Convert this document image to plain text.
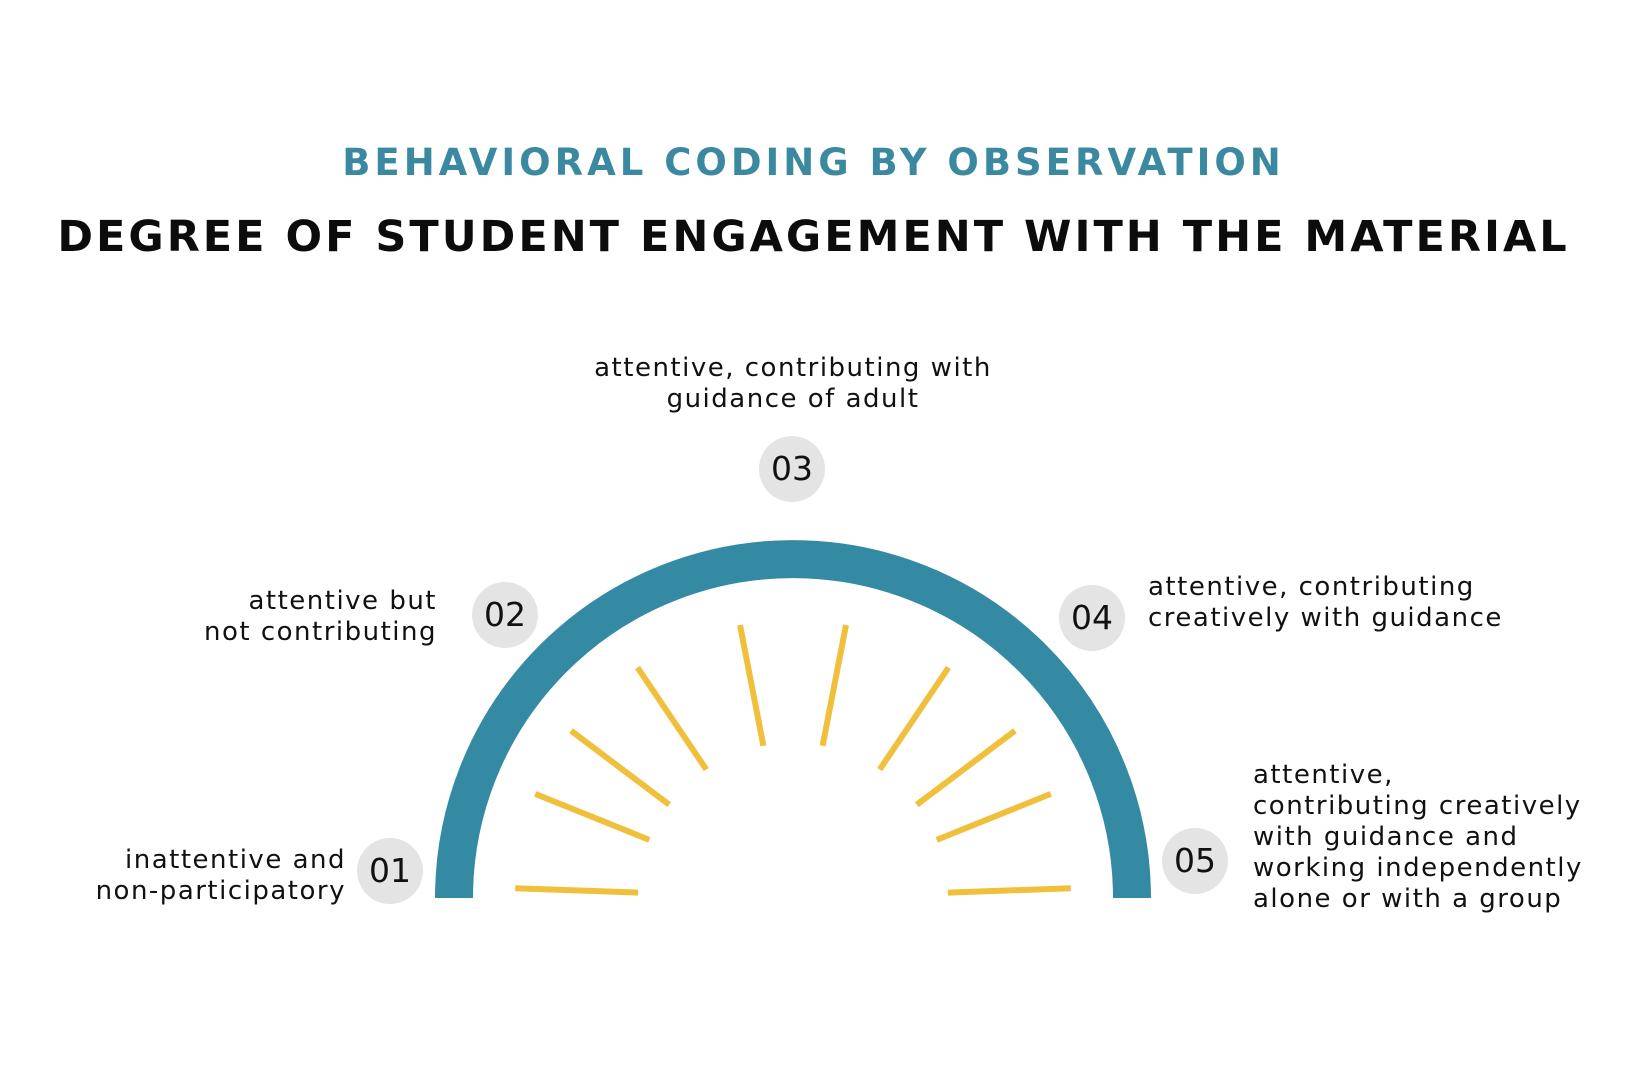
BEHAVIORAL CODING BY OBSERVATION
DEGREE OF STUDENT ENGAGEMENT WITH THE MATERIAL
01
inattentive and
non-participatory
02
attentive but
not contributing
03
attentive, contributing with
guidance of adult
04
attentive, contributing
creatively with guidance
05
attentive,
contributing creatively
with guidance and
working independently
alone or with a group
